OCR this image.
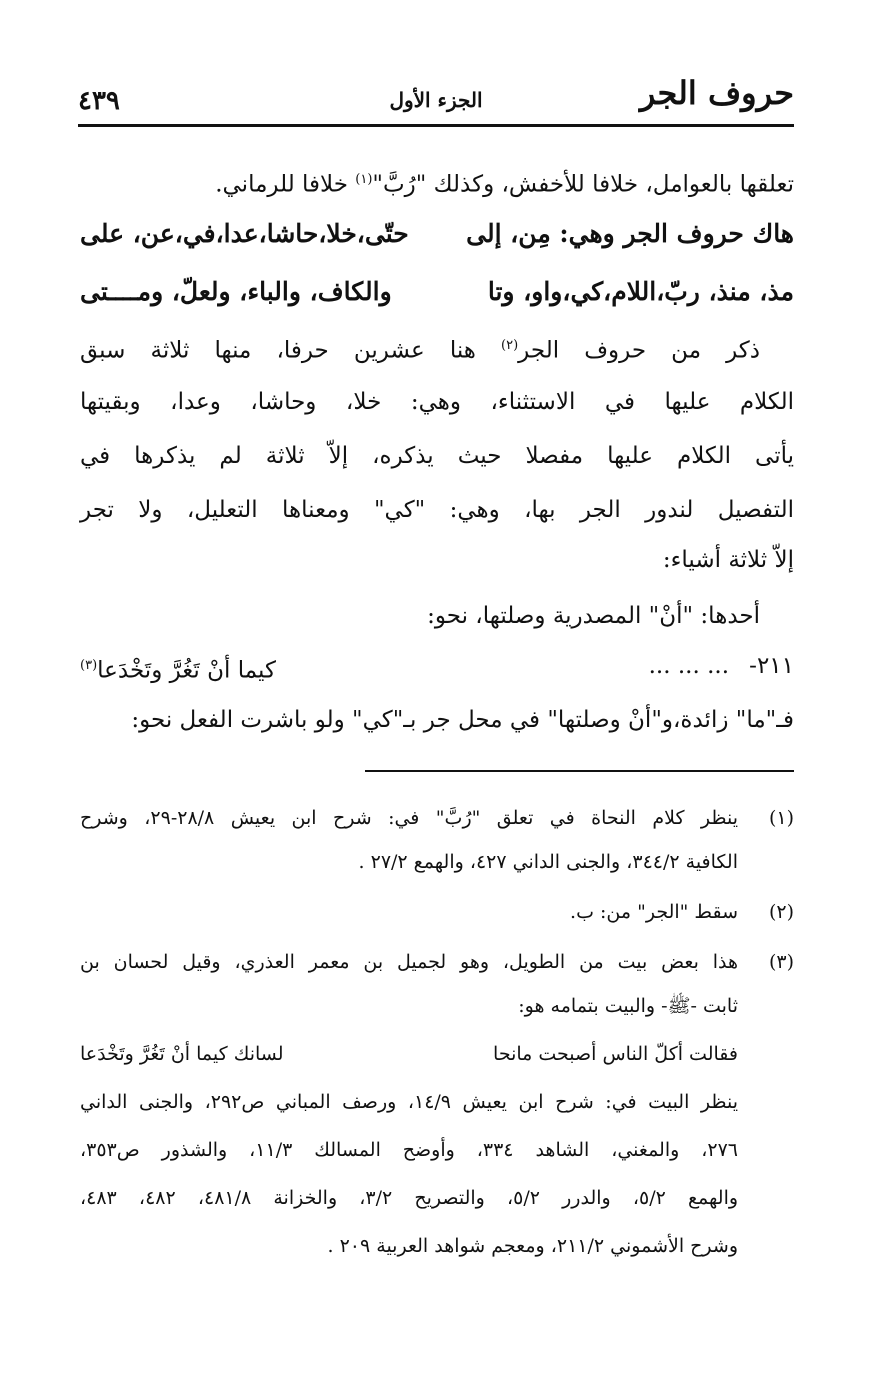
حروف الجر
الجزء الأول
٤٣٩
تعلقها بالعوامل، خلافا للأخفش، وكذلك "رُبَّ"$^{(١)}$ خلافا للرماني.
هاك حروف الجر وهي: مِن، إلى
حتّى،خلا،حاشا،عدا،في،عن، على
مذ، منذ، ربّ،اللام،كي،واو، وتا
والكاف، والباء، ولعلّ، ومــــتى
ذكر من حروف الجر$^{(٢)}$ هنا عشرين حرفا، منها ثلاثة سبق
الكلام عليها في الاستثناء، وهي: خلا، وحاشا، وعدا، وبقيتها
يأتى الكلام عليها مفصلا حيث يذكره، إلاّ ثلاثة لم يذكرها في
التفصيل لندور الجر بها، وهي: "كي" ومعناها التعليل، ولا تجر
إلاّ ثلاثة أشياء:
أحدها: "أنْ" المصدرية وصلتها، نحو:
٢١١-
... ... ...
كيما أنْ تَغُرَّ وتَخْدَعا$^{(٣)}$
فـ"ما" زائدة،و"أنْ وصلتها" في محل جر بـ"كي" ولو باشرت الفعل نحو:
(١)
ينظر كلام النحاة في تعلق "رُبَّ" في: شرح ابن يعيش ٢٨/٨-٢٩، وشرح
الكافية ٣٤٤/٢، والجنى الداني ٤٢٧، والهمع ٢٧/٢ .
(٢)
سقط "الجر" من: ب.
(٣)
هذا بعض بيت من الطويل، وهو لجميل بن معمر العذري، وقيل لحسان بن
ثابت -ﷺ- والبيت بتمامه هو:
فقالت أكلّ الناس أصبحت مانحا
لسانك كيما أنْ تَغُرَّ وتَخْدَعا
ينظر البيت في: شرح ابن يعيش ١٤/٩، ورصف المباني ص٢٩٢، والجنى الداني
٢٧٦، والمغني، الشاهد ٣٣٤، وأوضح المسالك ١١/٣، والشذور ص٣٥٣،
والهمع ٥/٢، والدرر ٥/٢، والتصريح ٣/٢، والخزانة ٤٨١/٨، ٤٨٢، ٤٨٣،
وشرح الأشموني ٢١١/٢، ومعجم شواهد العربية ٢٠٩ .
